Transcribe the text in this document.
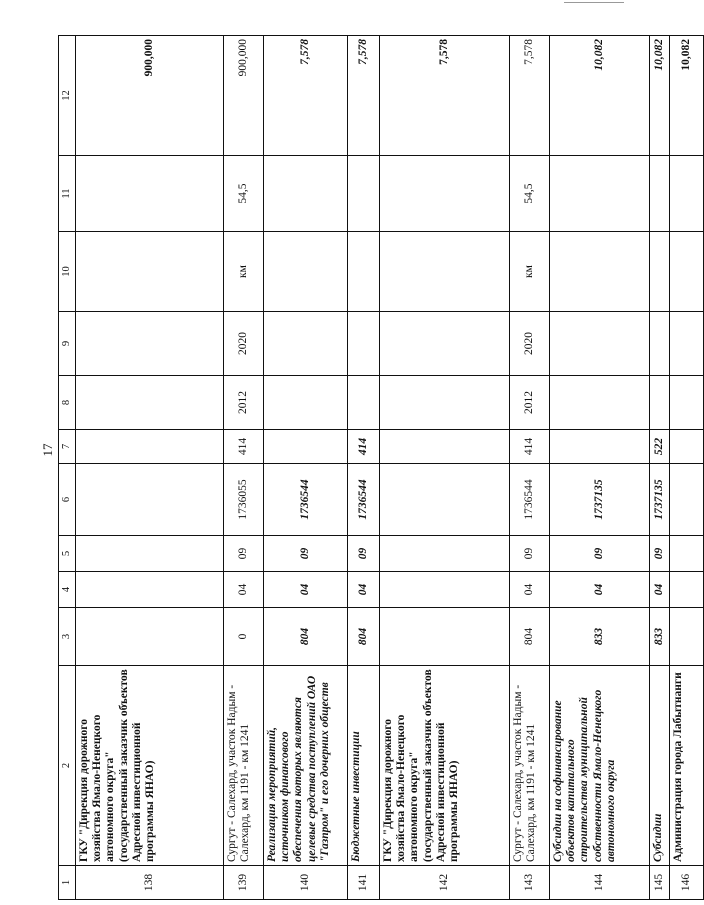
17
1	2	3	4	5	6	7	8	9	10	11	12
138	ГКУ "Дирекция дорожного хозяйства Ямало-Ненецкого автономного округа" (государственный заказчик объектов Адресной инвестиционной программы ЯНАО)										900,000
139	Сургут - Салехард, участок Надым - Салехард, км 1191 - км 1241	0	04	09	1736055	414	2012	2020	км	54,5	900,000
140	Реализация мероприятий, источником финансового обеспечения которых являются целевые средства поступлений ОАО "Газпром" и его дочерних обществ	804	04	09	1736544						7,578
141	Бюджетные инвестиции	804	04	09	1736544	414					7,578
142	ГКУ "Дирекция дорожного хозяйства Ямало-Ненецкого автономного округа" (государственный заказчик объектов Адресной инвестиционной программы ЯНАО)										7,578
143	Сургут - Салехард, участок Надым - Салехард, км 1191 - км 1241	804	04	09	1736544	414	2012	2020	км	54,5	7,578
144	Субсидии на софинансирование объектов капитального строительства муниципальной собственности Ямало-Ненецкого автономного округа	833	04	09	1737135						10,082
145	Субсидии	833	04	09	1737135	522					10,082
146	Администрация города Лабытнанги										10,082
